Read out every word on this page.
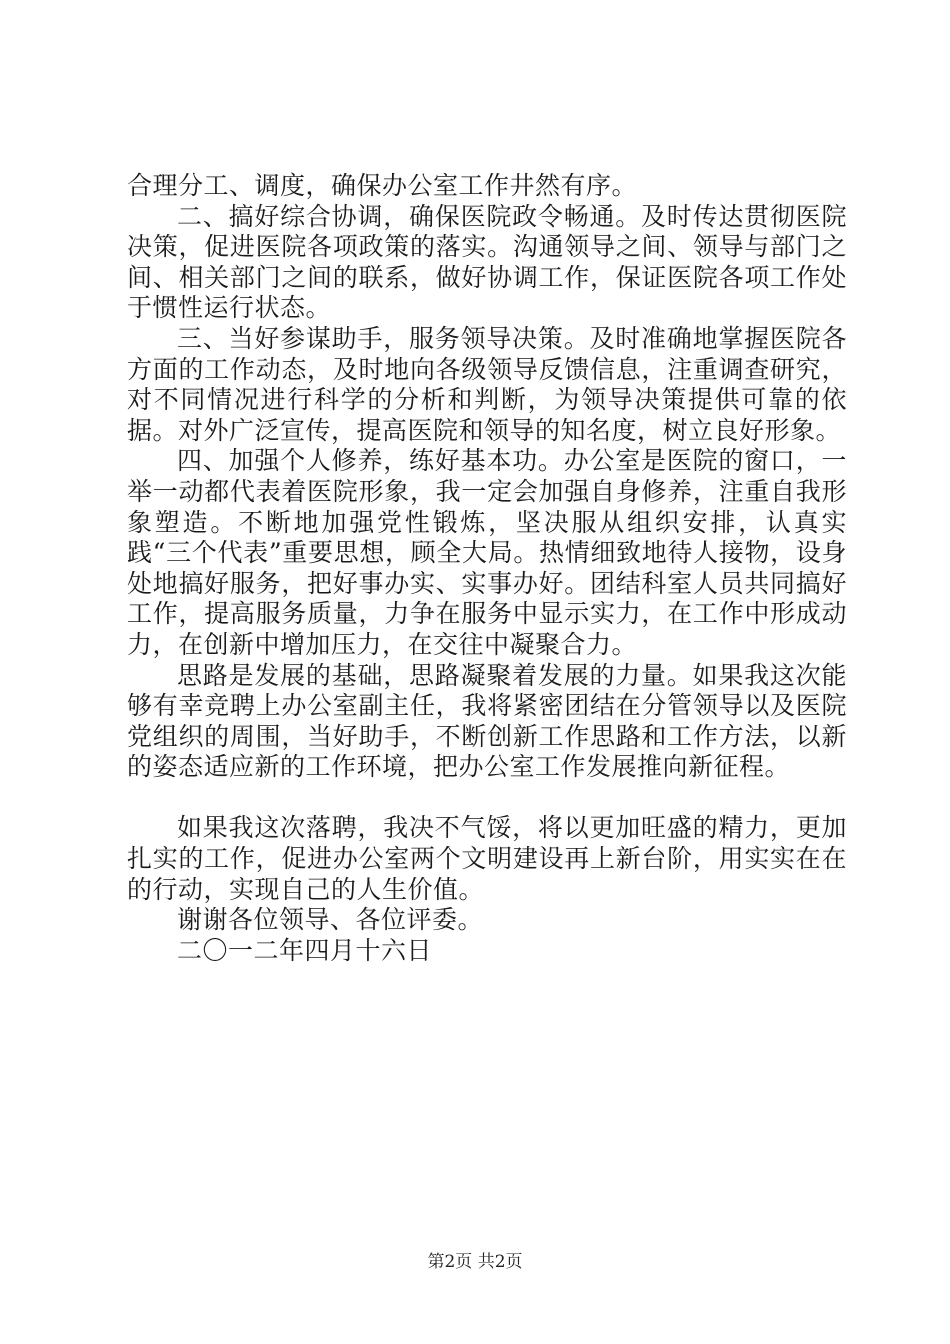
合理分工、调度，确保办公室工作井然有序。

二、搞好综合协调，确保医院政令畅通。及时传达贯彻医院决策，促进医院各项政策的落实。沟通领导之间、领导与部门之间、相关部门之间的联系，做好协调工作，保证医院各项工作处于惯性运行状态。

三、当好参谋助手，服务领导决策。及时准确地掌握医院各方面的工作动态，及时地向各级领导反馈信息，注重调查研究，对不同情况进行科学的分析和判断，为领导决策提供可靠的依据。对外广泛宣传，提高医院和领导的知名度，树立良好形象。

四、加强个人修养，练好基本功。办公室是医院的窗口，一举一动都代表着医院形象，我一定会加强自身修养，注重自我形象塑造。不断地加强党性锻炼，坚决服从组织安排，认真实践“三个代表”重要思想，顾全大局。热情细致地待人接物，设身处地搞好服务，把好事办实、实事办好。团结科室人员共同搞好工作，提高服务质量，力争在服务中显示实力，在工作中形成动力，在创新中增加压力，在交往中凝聚合力。

思路是发展的基础，思路凝聚着发展的力量。如果我这次能够有幸竞聘上办公室副主任，我将紧密团结在分管领导以及医院党组织的周围，当好助手，不断创新工作思路和工作方法，以新的姿态适应新的工作环境，把办公室工作发展推向新征程。

如果我这次落聘，我决不气馁，将以更加旺盛的精力，更加扎实的工作，促进办公室两个文明建设再上新台阶，用实实在在的行动，实现自己的人生价值。

谢谢各位领导、各位评委。

二〇一二年四月十六日

第2页 共2页
